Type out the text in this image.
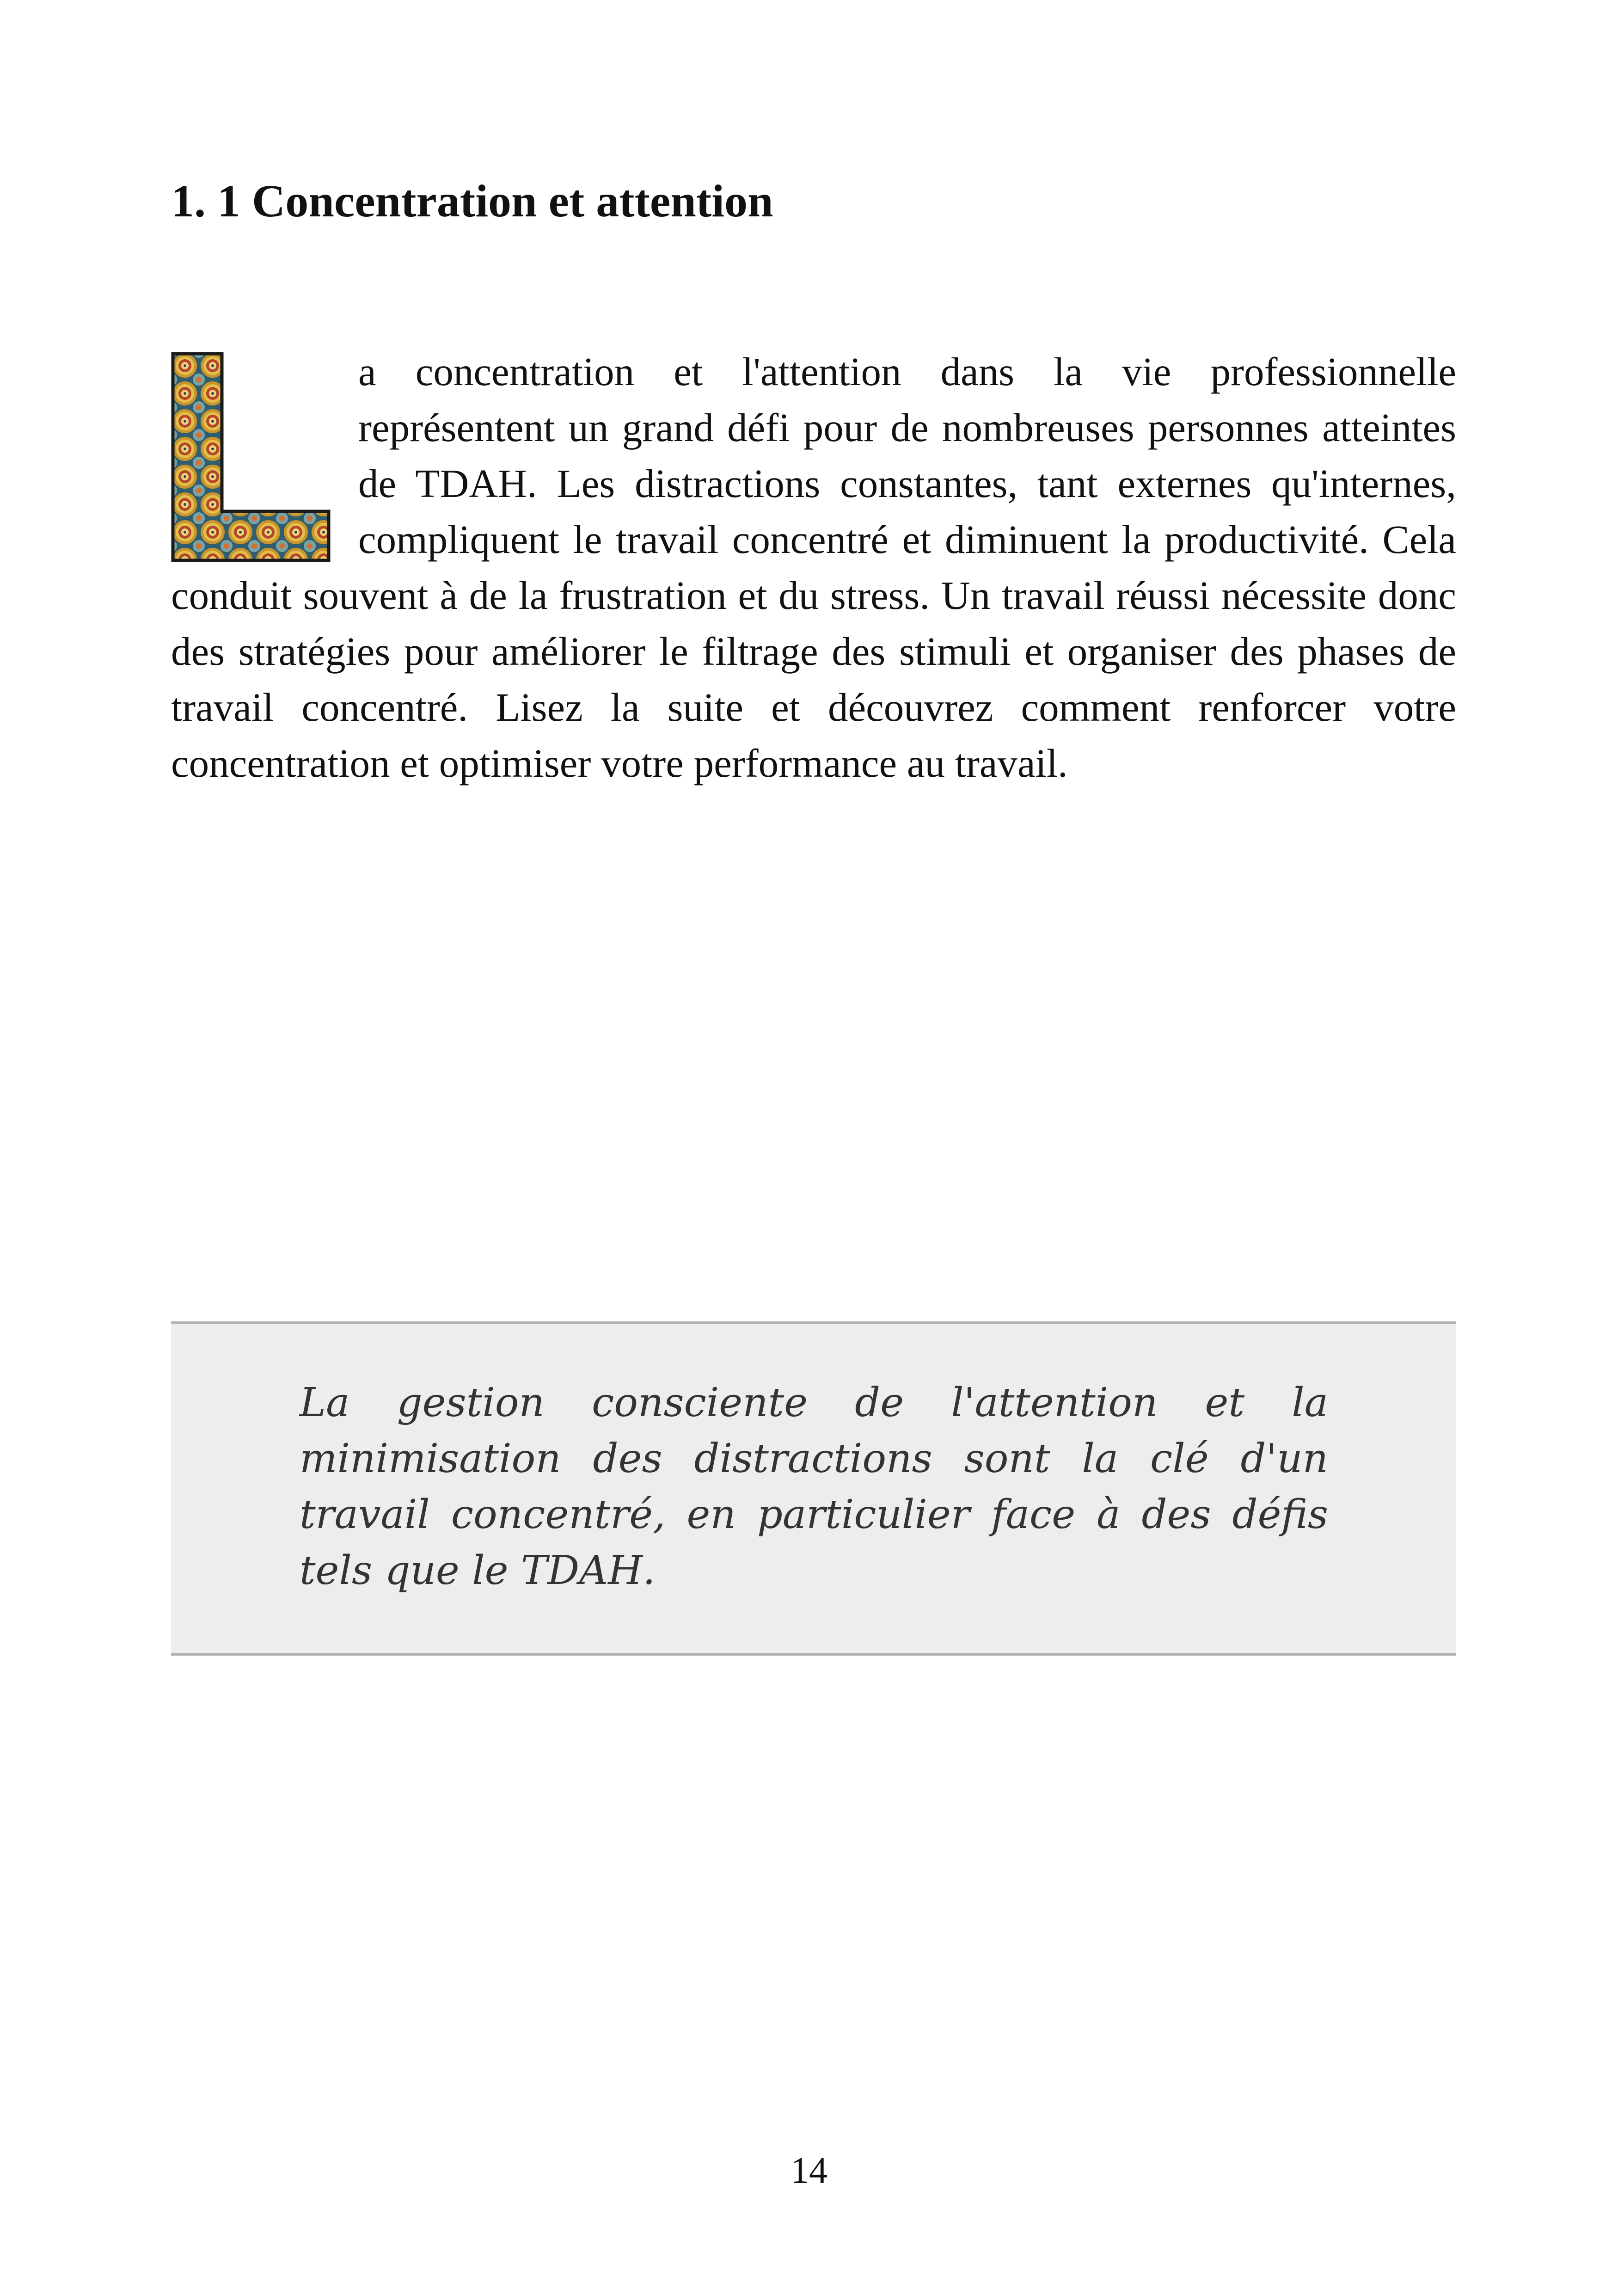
1. 1 Concentration et attention
a concentration et l'attention dans la vie professionnelle représentent un grand défi pour de nombreuses personnes atteintes de TDAH. Les distractions constantes, tant externes qu'internes, compliquent le travail concentré et diminuent la productivité. Cela conduit souvent à de la frustration et du stress. Un travail réussi nécessite donc des stratégies pour améliorer le filtrage des stimuli et organiser des phases de travail concentré. Lisez la suite et découvrez comment renforcer votre concentration et optimiser votre performance au travail.

La gestion consciente de l'attention et la minimisation des distractions sont la clé d'un travail concentré, en particulier face à des défis tels que le TDAH.

14
